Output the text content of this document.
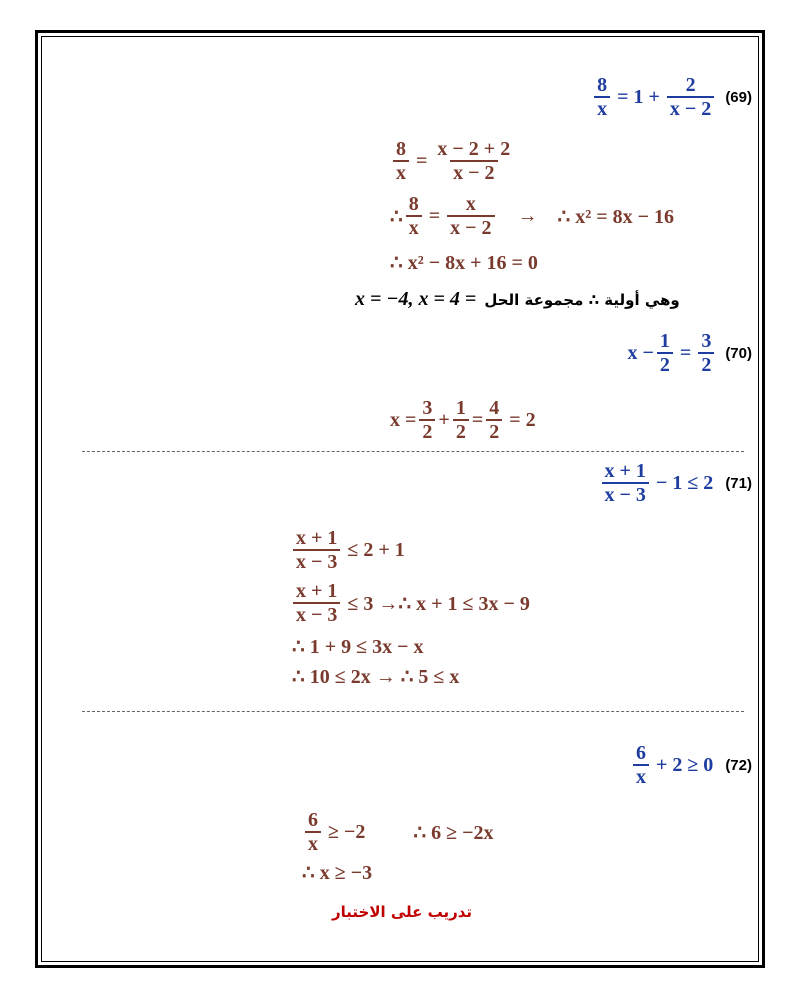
$\frac{8}{x} = 1 + \frac{2}{x - 2} (69)$
$\frac{8}{x} = \frac{x - 2 + 2}{x - 2}$
∴ $\frac{8}{x} = \frac{x}{x - 2}$ → ∴ x² = 8x − 16
∴ x² − 8x + 16 = 0
x = −4, x = 4 = وهي أولية ∴ مجموعة الحل
$x - \frac{1}{2} = \frac{3}{2} (70)$
$x = \frac{3}{2} + \frac{1}{2} = \frac{4}{2} = 2$
$\frac{x + 1}{x - 3} - 1 \le 2$ (71)
$\frac{x + 1}{x - 3} \le 2 + 1$
$\frac{x + 1}{x - 3} \le 3$ →∴ x + 1 ≤ 3x − 9
∴ 1 + 9 ≤ 3x − x
∴ 10 ≤ 2x → ∴ 5 ≤ x
$\frac{6}{x} + 2 \ge 0$ (72)
$\frac{6}{x} \ge -2$ ∴ 6 ≥ −2x
∴ x ≥ −3
تدريب على الاختبار
